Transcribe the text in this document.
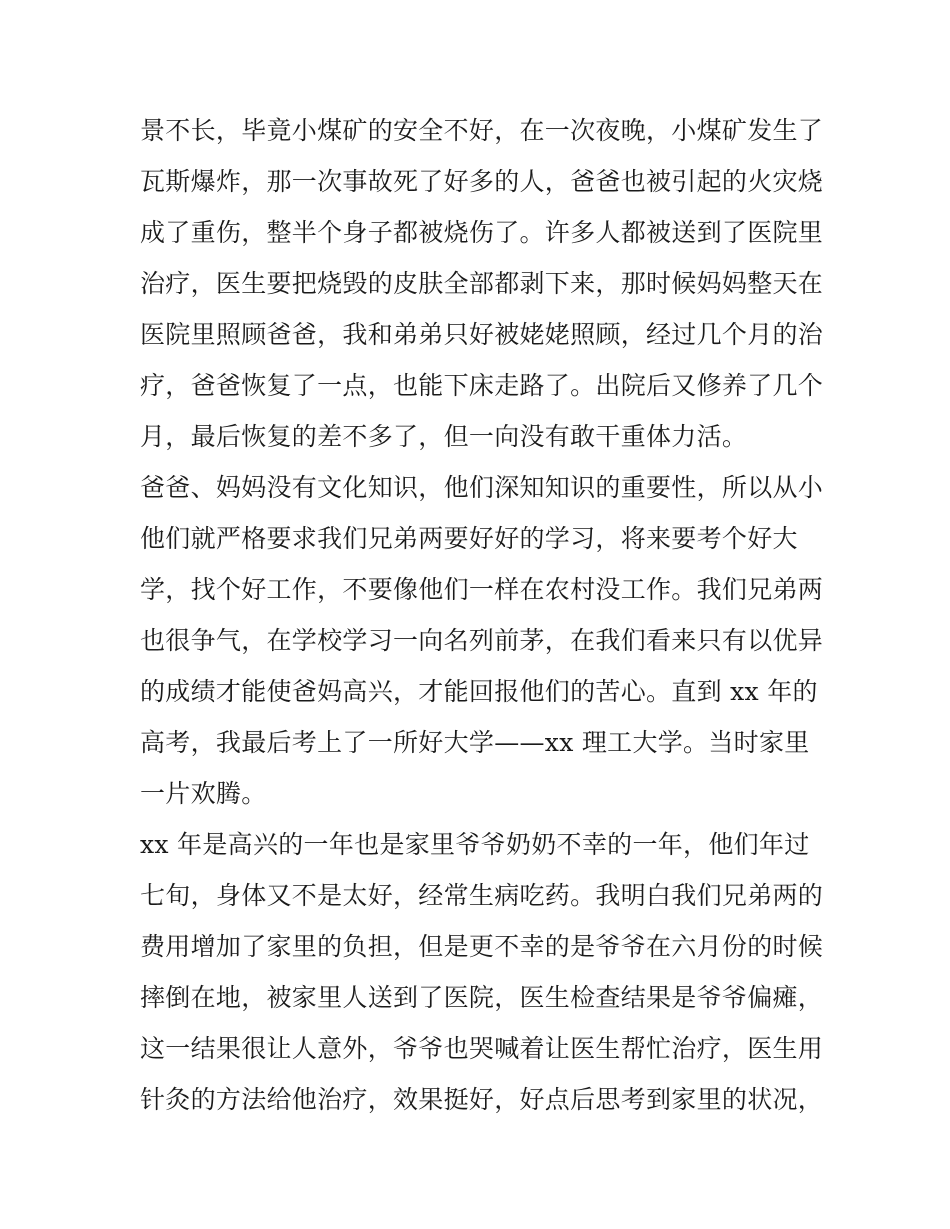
景不长，毕竟小煤矿的安全不好，在一次夜晚，小煤矿发生了
瓦斯爆炸，那一次事故死了好多的人，爸爸也被引起的火灾烧
成了重伤，整半个身子都被烧伤了。许多人都被送到了医院里
治疗，医生要把烧毁的皮肤全部都剥下来，那时候妈妈整天在
医院里照顾爸爸，我和弟弟只好被姥姥照顾，经过几个月的治
疗，爸爸恢复了一点，也能下床走路了。出院后又修养了几个
月，最后恢复的差不多了，但一向没有敢干重体力活。
爸爸、妈妈没有文化知识，他们深知知识的重要性，所以从小
他们就严格要求我们兄弟两要好好的学习，将来要考个好大
学，找个好工作，不要像他们一样在农村没工作。我们兄弟两
也很争气，在学校学习一向名列前茅，在我们看来只有以优异
的成绩才能使爸妈高兴，才能回报他们的苦心。直到 xx 年的
高考，我最后考上了一所好大学——xx 理工大学。当时家里
一片欢腾。
xx 年是高兴的一年也是家里爷爷奶奶不幸的一年，他们年过
七旬，身体又不是太好，经常生病吃药。我明白我们兄弟两的
费用增加了家里的负担，但是更不幸的是爷爷在六月份的时候
摔倒在地，被家里人送到了医院，医生检查结果是爷爷偏瘫，
这一结果很让人意外，爷爷也哭喊着让医生帮忙治疗，医生用
针灸的方法给他治疗，效果挺好，好点后思考到家里的状况，
